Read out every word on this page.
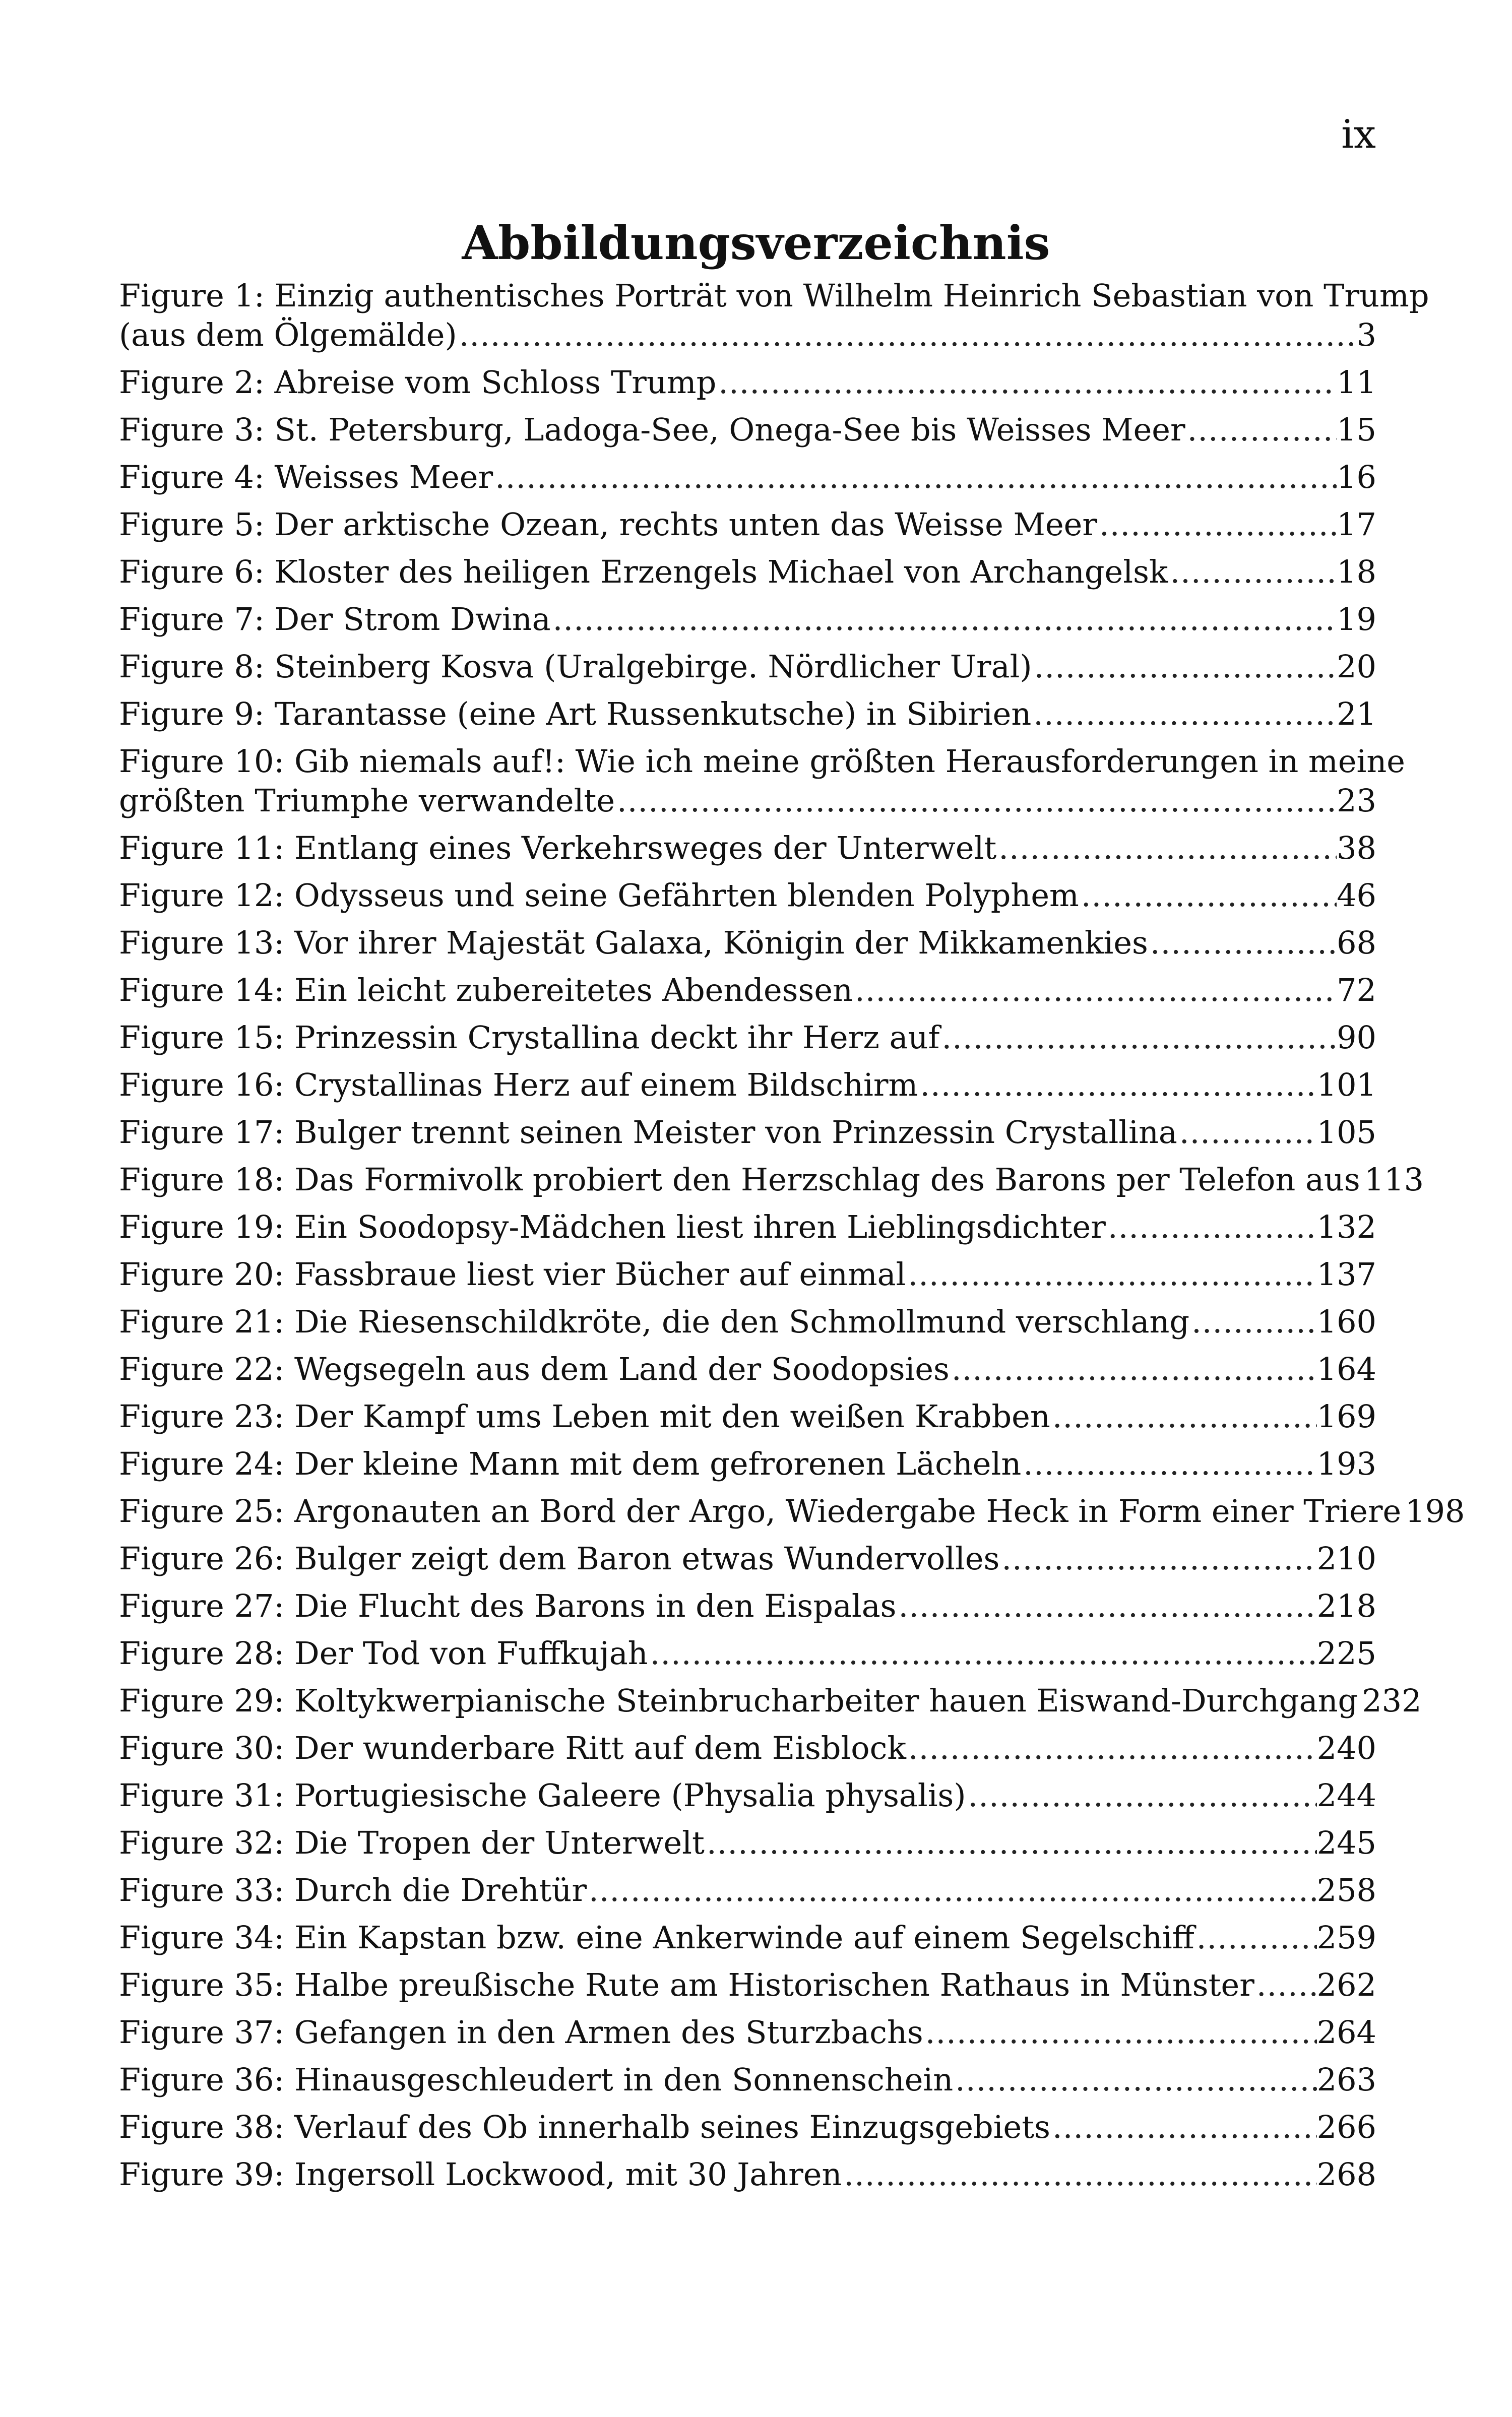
ix
Abbildungsverzeichnis
Figure 1: Einzig authentisches Porträt von Wilhelm Heinrich Sebastian von Trump
(aus dem Ölgemälde) .....	3
Figure 2: Abreise vom Schloss Trump .....	11
Figure 3: St. Petersburg, Ladoga-See, Onega-See bis Weisses Meer .....	15
Figure 4: Weisses Meer .....	16
Figure 5: Der arktische Ozean, rechts unten das Weisse Meer .....	17
Figure 6: Kloster des heiligen Erzengels Michael von Archangelsk .....	18
Figure 7: Der Strom Dwina .....	19
Figure 8: Steinberg Kosva (Uralgebirge. Nördlicher Ural) .....	20
Figure 9: Tarantasse (eine Art Russenkutsche) in Sibirien .....	21
Figure 10: Gib niemals auf!: Wie ich meine größten Herausforderungen in meine
größten Triumphe verwandelte .....	23
Figure 11: Entlang eines Verkehrsweges der Unterwelt .....	38
Figure 12: Odysseus und seine Gefährten blenden Polyphem .....	46
Figure 13: Vor ihrer Majestät Galaxa, Königin der Mikkamenkies .....	68
Figure 14: Ein leicht zubereitetes Abendessen .....	72
Figure 15: Prinzessin Crystallina deckt ihr Herz auf .....	90
Figure 16: Crystallinas Herz auf einem Bildschirm .....	101
Figure 17: Bulger trennt seinen Meister von Prinzessin Crystallina .....	105
Figure 18: Das Formivolk probiert den Herzschlag des Barons per Telefon aus ..... 113
Figure 19: Ein Soodopsy-Mädchen liest ihren Lieblingsdichter .....	132
Figure 20: Fassbraue liest vier Bücher auf einmal .....	137
Figure 21: Die Riesenschildkröte, die den Schmollmund verschlang .....	160
Figure 22: Wegsegeln aus dem Land der Soodopsies .....	164
Figure 23: Der Kampf ums Leben mit den weißen Krabben .....	169
Figure 24: Der kleine Mann mit dem gefrorenen Lächeln .....	193
Figure 25: Argonauten an Bord der Argo, Wiedergabe Heck in Form einer Triere ..... 198
Figure 26: Bulger zeigt dem Baron etwas Wundervolles .....	210
Figure 27: Die Flucht des Barons in den Eispalas .....	218
Figure 28: Der Tod von Fuffkujah .....	225
Figure 29: Koltykwerpianische Steinbrucharbeiter hauen Eiswand-Durchgang ..... 232
Figure 30: Der wunderbare Ritt auf dem Eisblock .....	240
Figure 31: Portugiesische Galeere (Physalia physalis) .....	244
Figure 32: Die Tropen der Unterwelt .....	245
Figure 33: Durch die Drehtür .....	258
Figure 34: Ein Kapstan bzw. eine Ankerwinde auf einem Segelschiff .....	259
Figure 35: Halbe preußische Rute am Historischen Rathaus in Münster ..... 262
Figure 37: Gefangen in den Armen des Sturzbachs .....	264
Figure 36: Hinausgeschleudert in den Sonnenschein .....	263
Figure 38: Verlauf des Ob innerhalb seines Einzugsgebiets .....	266
Figure 39: Ingersoll Lockwood, mit 30 Jahren .....	268
